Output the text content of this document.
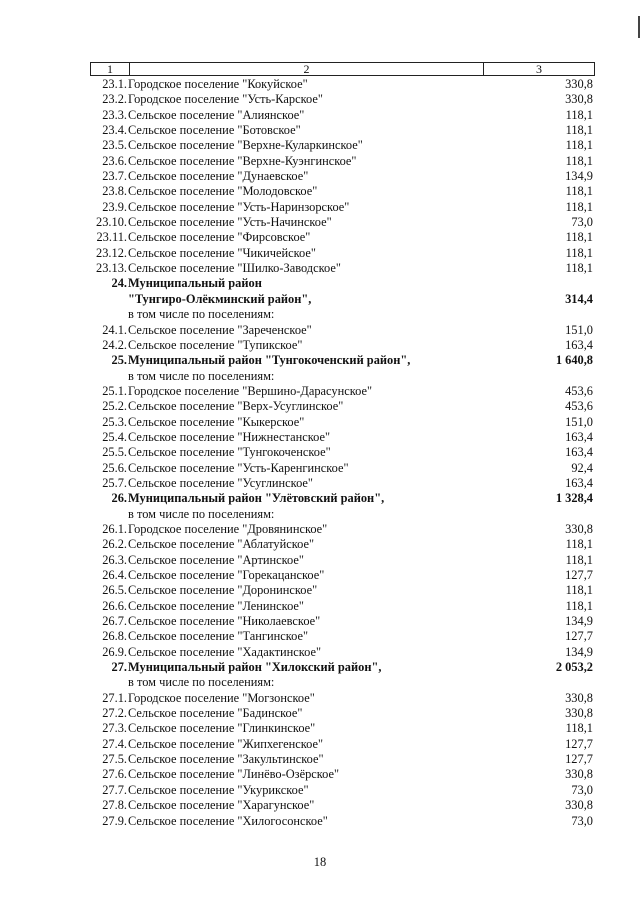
1	2	3
23.1. Городское поселение "Кокуйское"	330,8
23.2. Городское поселение "Усть-Карское"	330,8
23.3. Сельское поселение "Алиянское"	118,1
23.4. Сельское поселение "Ботовское"	118,1
23.5. Сельское поселение "Верхне-Куларкинское"	118,1
23.6. Сельское поселение "Верхне-Куэнгинское"	118,1
23.7. Сельское поселение "Дунаевское"	134,9
23.8. Сельское поселение "Молодовское"	118,1
23.9. Сельское поселение "Усть-Наринзорское"	118,1
23.10. Сельское поселение "Усть-Начинское"	73,0
23.11. Сельское поселение "Фирсовское"	118,1
23.12. Сельское поселение "Чикичейское"	118,1
23.13. Сельское поселение "Шилко-Заводское"	118,1
24. Муниципальный район
"Тунгиро-Олёкминский район",	314,4
в том числе по поселениям:
24.1. Сельское поселение "Зареченское"	151,0
24.2. Сельское поселение "Тупикское"	163,4
25. Муниципальный район "Тунгокоченский район",	1 640,8
в том числе по поселениям:
25.1. Городское поселение "Вершино-Дарасунское"	453,6
25.2. Сельское поселение "Верх-Усуглинское"	453,6
25.3. Сельское поселение "Кыкерское"	151,0
25.4. Сельское поселение "Нижнестанское"	163,4
25.5. Сельское поселение "Тунгокоченское"	163,4
25.6. Сельское поселение "Усть-Каренгинское"	92,4
25.7. Сельское поселение "Усуглинское"	163,4
26. Муниципальный район "Улётовский район",	1 328,4
в том числе по поселениям:
26.1. Городское поселение "Дровянинское"	330,8
26.2. Сельское поселение "Аблатуйское"	118,1
26.3. Сельское поселение "Артинское"	118,1
26.4. Сельское поселение "Горекацанское"	127,7
26.5. Сельское поселение "Доронинское"	118,1
26.6. Сельское поселение "Ленинское"	118,1
26.7. Сельское поселение "Николаевское"	134,9
26.8. Сельское поселение "Тангинское"	127,7
26.9. Сельское поселение "Хадактинское"	134,9
27. Муниципальный район "Хилокский район",	2 053,2
в том числе по поселениям:
27.1. Городское поселение "Могзонское"	330,8
27.2. Сельское поселение "Бадинское"	330,8
27.3. Сельское поселение "Глинкинское"	118,1
27.4. Сельское поселение "Жипхегенское"	127,7
27.5. Сельское поселение "Закультинское"	127,7
27.6. Сельское поселение "Линёво-Озёрское"	330,8
27.7. Сельское поселение "Укурикское"	73,0
27.8. Сельское поселение "Харагунское"	330,8
27.9. Сельское поселение "Хилогосонское"	73,0
18
